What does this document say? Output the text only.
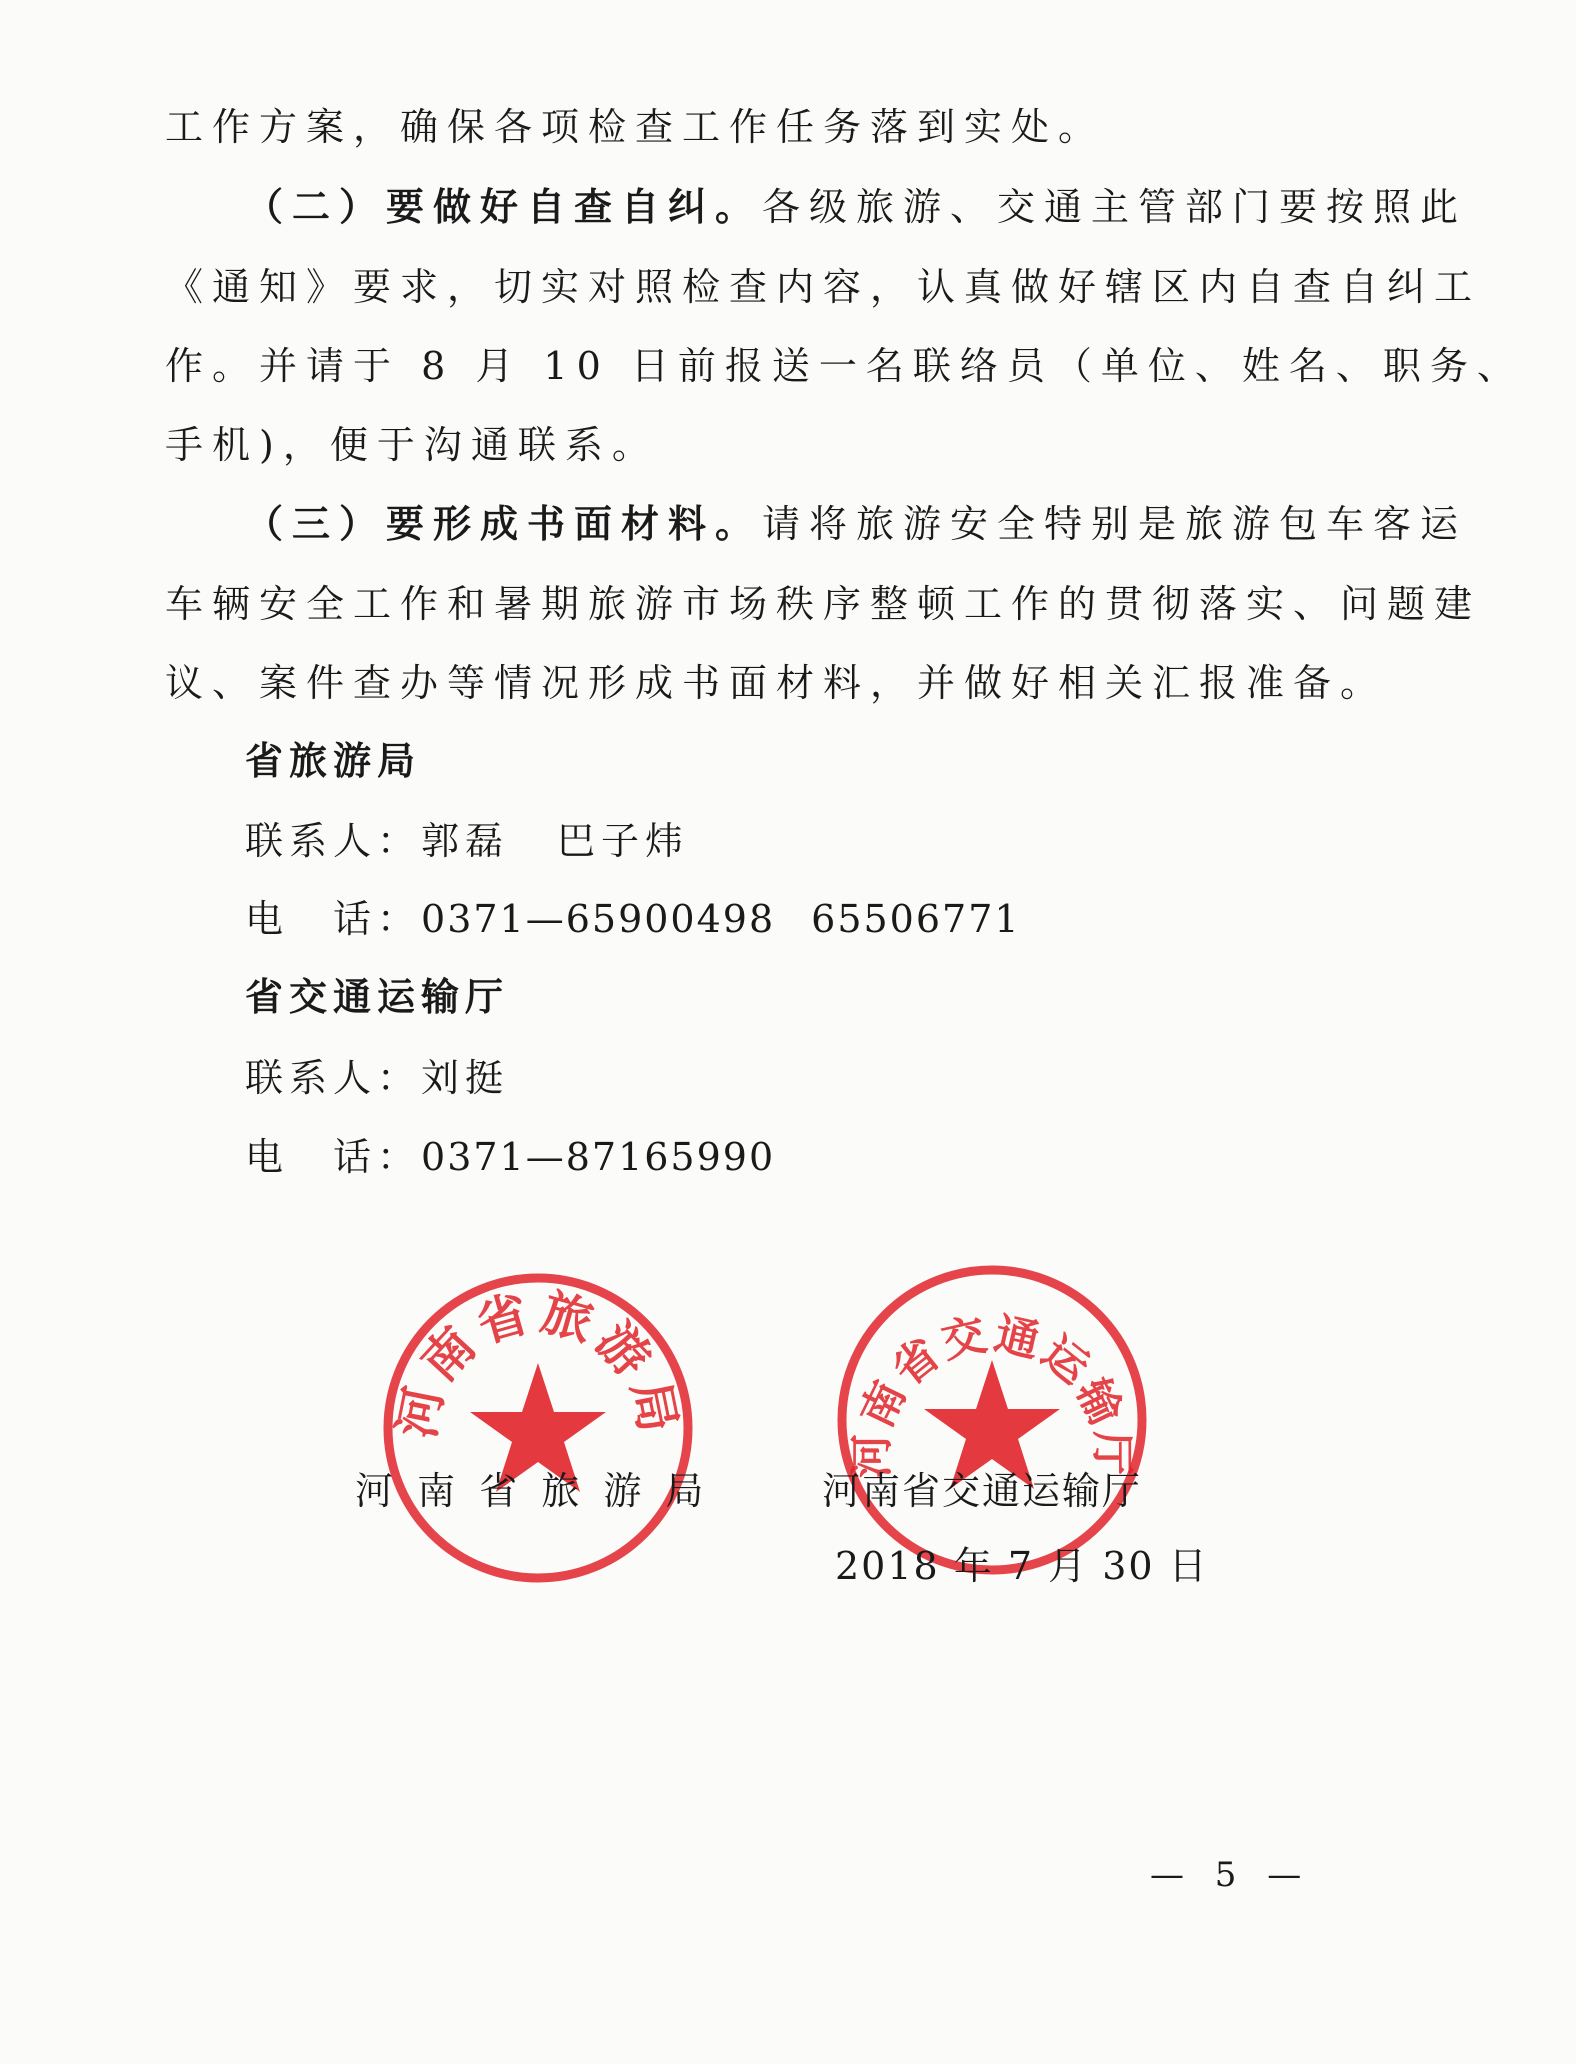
工作方案，确保各项检查工作任务落到实处。
（二）要做好自查自纠。各级旅游、交通主管部门要按照此
《通知》要求，切实对照检查内容，认真做好辖区内自查自纠工
作。并请于 8 月 10 日前报送一名联络员（单位、姓名、职务、
手机)，便于沟通联系。
（三）要形成书面材料。请将旅游安全特别是旅游包车客运
车辆安全工作和暑期旅游市场秩序整顿工作的贯彻落实、问题建
议、案件查办等情况形成书面材料，并做好相关汇报准备。
省旅游局
联系人：郭磊 巴子炜
电　话：0371—65900498 65506771
省交通运输厅
联系人：刘挺
电　话：0371—87165990
河南省旅游局
河南省交通运输厅
河 南 省 旅 游 局	河南省交通运输厅
2018 年 7 月 30 日
— 5 —
